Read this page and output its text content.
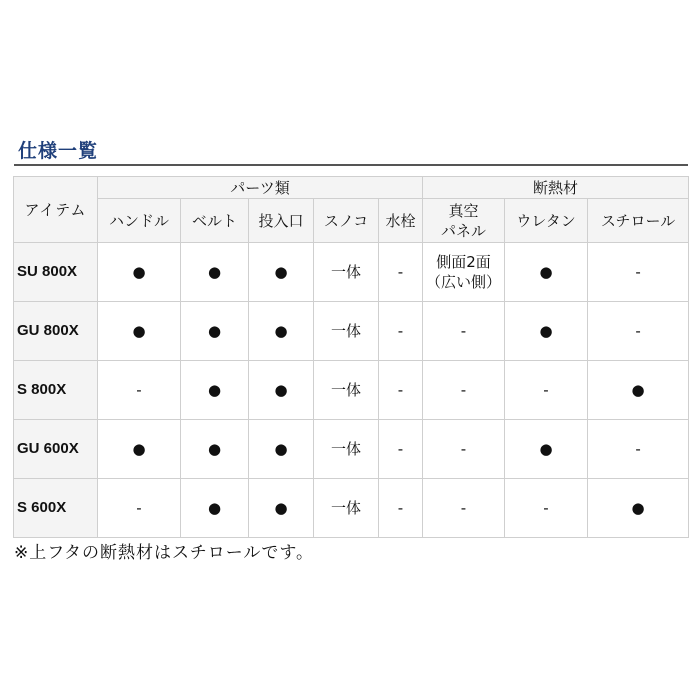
仕様一覧
アイテム	パーツ類					断熱材		
	ハンドル	ベルト	投入口	スノコ	水栓	真空
パネル	ウレタン	スチロール
SU 800X	●	●	●	一体	-	側面2面
（広い側）	●	-
GU 800X	●	●	●	一体	-	-	●	-
S 800X	-	●	●	一体	-	-	-	●
GU 600X	●	●	●	一体	-	-	●	-
S 600X	-	●	●	一体	-	-	-	●
※上フタの断熱材はスチロールです。
